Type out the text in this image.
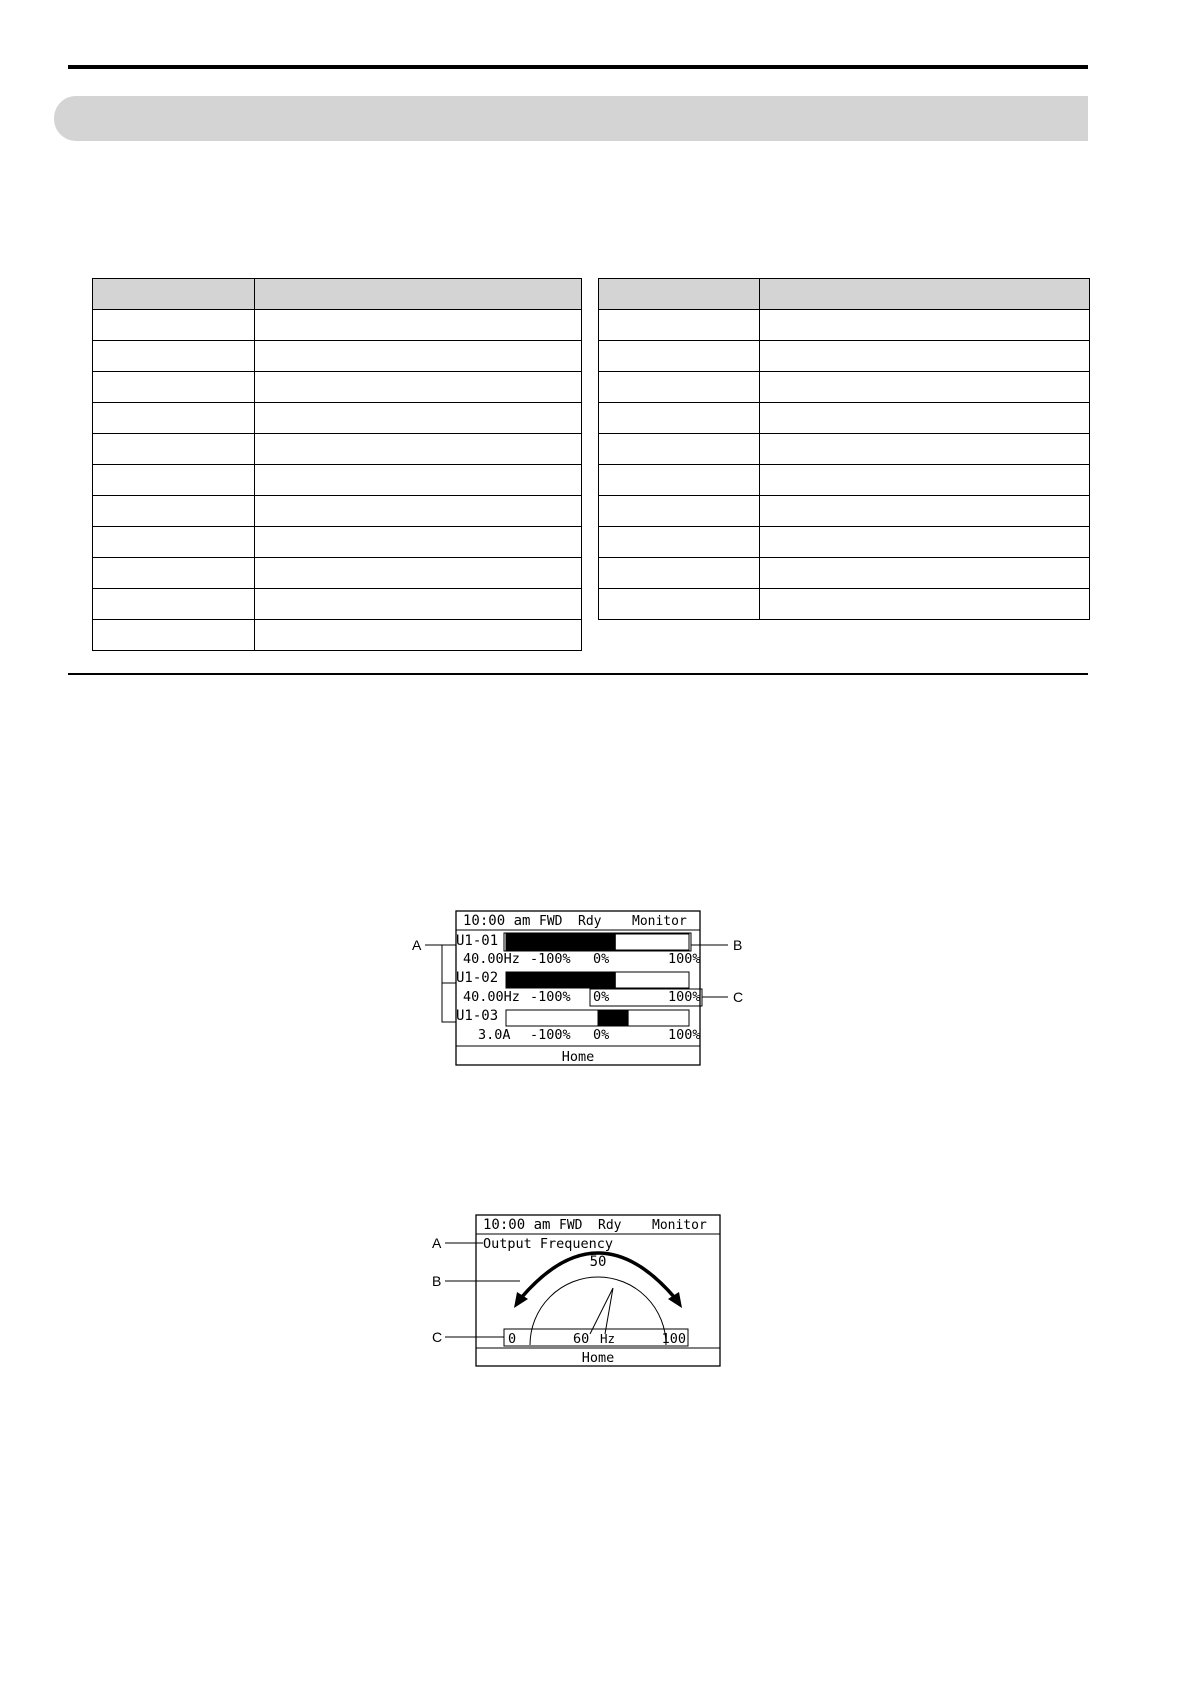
10:00 am FWD Rdy Monitor
U1-01
40.00Hz -100% 0%	100%
U1-02
40.00Hz -100% 0%	100%
U1-03
3.0A -100% 0%	100%
Home
A	B
C
10:00 am FWD Rdy Monitor
Output Frequency
50
0	60 Hz	100
Home
A
B
C
